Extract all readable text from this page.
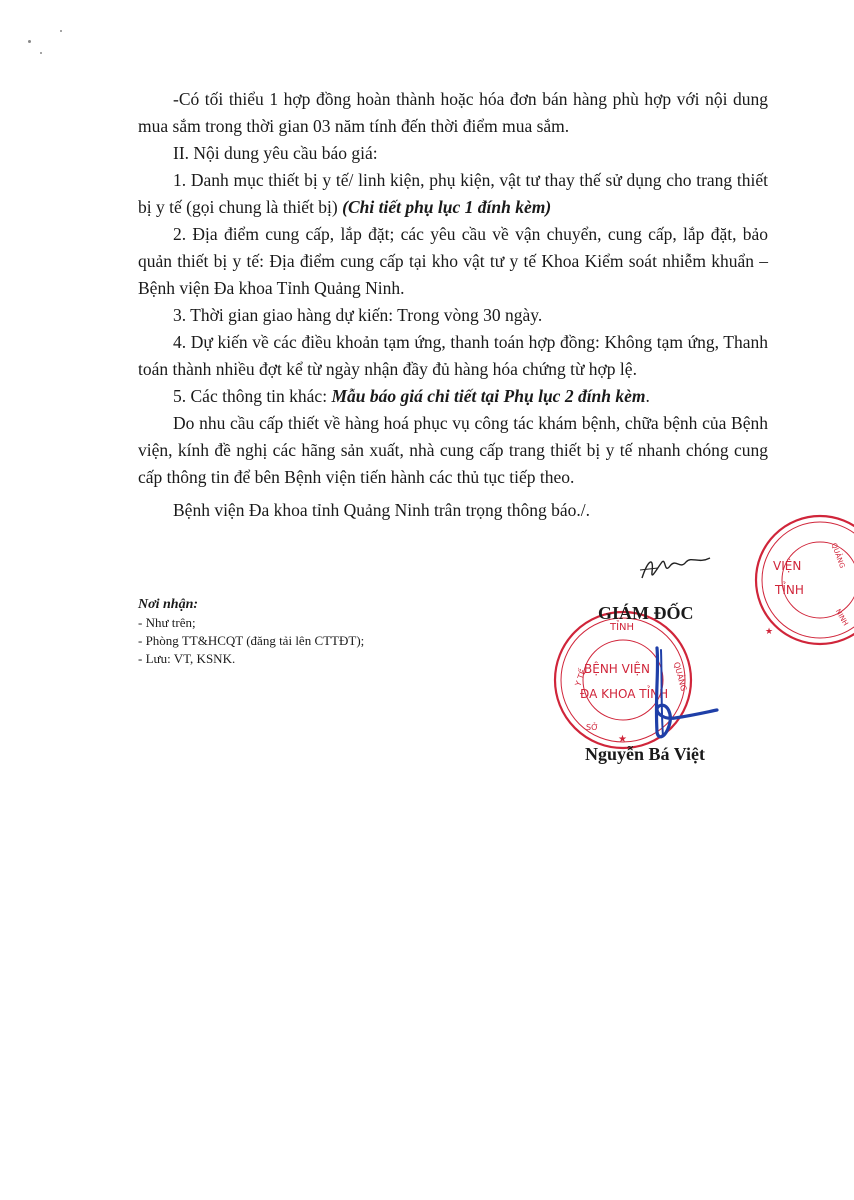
-Có tối thiểu 1 hợp đồng hoàn thành hoặc hóa đơn bán hàng phù hợp với nội dung mua sắm trong thời gian 03 năm tính đến thời điểm mua sắm.

II. Nội dung yêu cầu báo giá:

1. Danh mục thiết bị y tế/ linh kiện, phụ kiện, vật tư thay thế sử dụng cho trang thiết bị y tế (gọi chung là thiết bị) (Chi tiết phụ lục 1 đính kèm)

2. Địa điểm cung cấp, lắp đặt; các yêu cầu về vận chuyển, cung cấp, lắp đặt, bảo quản thiết bị y tế: Địa điểm cung cấp tại kho vật tư y tế Khoa Kiểm soát nhiễm khuẩn – Bệnh viện Đa khoa Tỉnh Quảng Ninh.

3. Thời gian giao hàng dự kiến: Trong vòng 30 ngày.

4. Dự kiến về các điều khoản tạm ứng, thanh toán hợp đồng: Không tạm ứng, Thanh toán thành nhiều đợt kể từ ngày nhận đầy đủ hàng hóa chứng từ hợp lệ.

5. Các thông tin khác: Mẫu báo giá chi tiết tại Phụ lục 2 đính kèm.

Do nhu cầu cấp thiết về hàng hoá phục vụ công tác khám bệnh, chữa bệnh của Bệnh viện, kính đề nghị các hãng sản xuất, nhà cung cấp trang thiết bị y tế nhanh chóng cung cấp thông tin để bên Bệnh viện tiến hành các thủ tục tiếp theo.

Bệnh viện Đa khoa tỉnh Quảng Ninh trân trọng thông báo./.

Nơi nhận:
- Như trên;
- Phòng TT&HCQT (đăng tải lên CTTĐT);
- Lưu: VT, KSNK.
TỈNH
BỆNH VIỆN
ĐA KHOA TỈNH
Y TẾ	QUẢNG
SỞ
★
VIỆN
TỈNH
QUẢNG
NINH
★
GIÁM ĐỐC
Nguyễn Bá Việt
